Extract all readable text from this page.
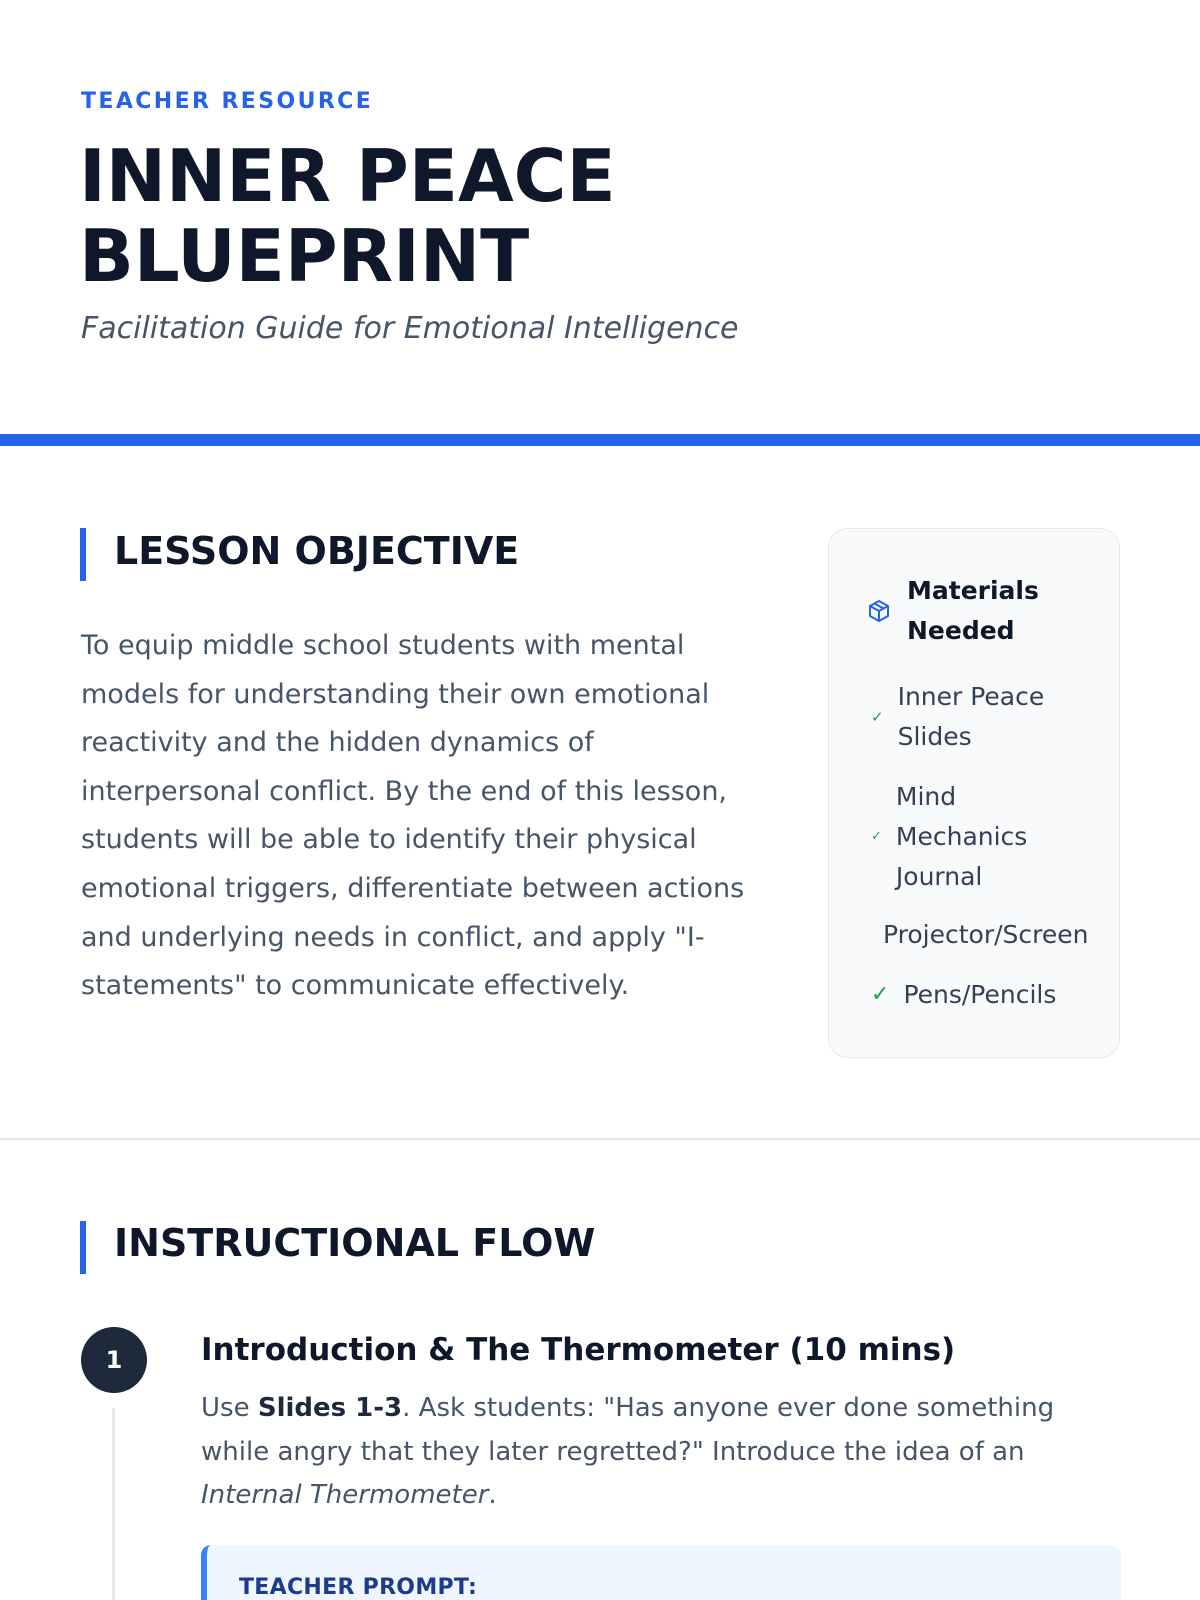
TEACHER RESOURCE
INNER PEACE
BLUEPRINT
Facilitation Guide for Emotional Intelligence
LESSON OBJECTIVE
To equip middle school students with mental models for understanding their own emotional reactivity and the hidden dynamics of interpersonal conflict. By the end of this lesson, students will be able to identify their physical emotional triggers, differentiate between actions and underlying needs in conflict, and apply "I-statements" to communicate effectively.
Materials Needed
✓
Inner Peace Slides
✓
Mind Mechanics Journal
Projector/Screen
✓ Pens/Pencils
INSTRUCTIONAL FLOW
1	Introduction & The Thermometer (10 mins)
Use Slides 1-3. Ask students: "Has anyone ever done something while angry that they later regretted?" Introduce the idea of an Internal Thermometer.
TEACHER PROMPT:
